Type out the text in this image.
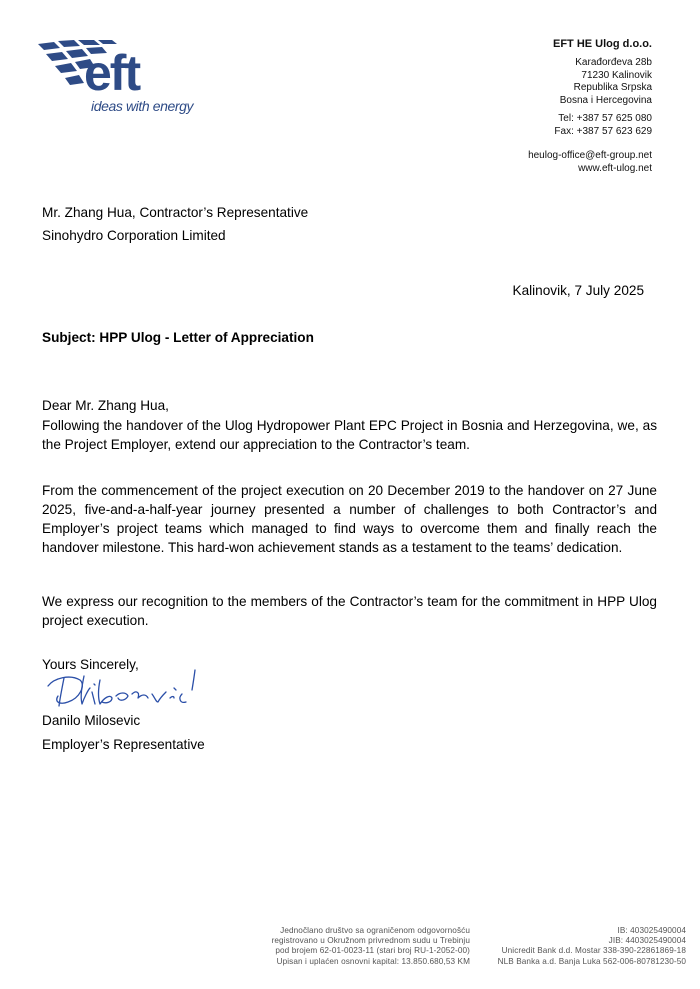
eft
ideas with energy
EFT HE Ulog d.o.o.
Karađorđeva 28b
71230 Kalinovik
Republika Srpska
Bosna i Hercegovina
Tel: +387 57 625 080
Fax: +387 57 623 629
heulog-office@eft-group.net
www.eft-ulog.net
Mr. Zhang Hua, Contractor’s Representative
Sinohydro Corporation Limited
Kalinovik, 7 July 2025
Subject: HPP Ulog - Letter of Appreciation
Dear Mr. Zhang Hua,
Following the handover of the Ulog Hydropower Plant EPC Project in Bosnia and Herzegovina, we, as the Project Employer, extend our appreciation to the Contractor’s team.
From the commencement of the project execution on 20 December 2019 to the handover on 27 June 2025, five-and-a-half-year journey presented a number of challenges to both Contractor’s and Employer’s project teams which managed to find ways to overcome them and finally reach the handover milestone. This hard-won achievement stands as a testament to the teams’ dedication.
We express our recognition to the members of the Contractor’s team for the commitment in HPP Ulog project execution.
Yours Sincerely,
Danilo Milosevic
Employer’s Representative
Jednočlano društvo sa ograničenom odgovornošću
registrovano u Okružnom privrednom sudu u Trebinju
pod brojem 62-01-0023-11 (stari broj RU-1-2052-00)
Upisan i uplaćen osnovni kapital: 13.850.680,53 KM
IB: 403025490004
JIB: 4403025490004
Unicredit Bank d.d. Mostar 338-390-22861869-18
NLB Banka a.d. Banja Luka 562-006-80781230-50
